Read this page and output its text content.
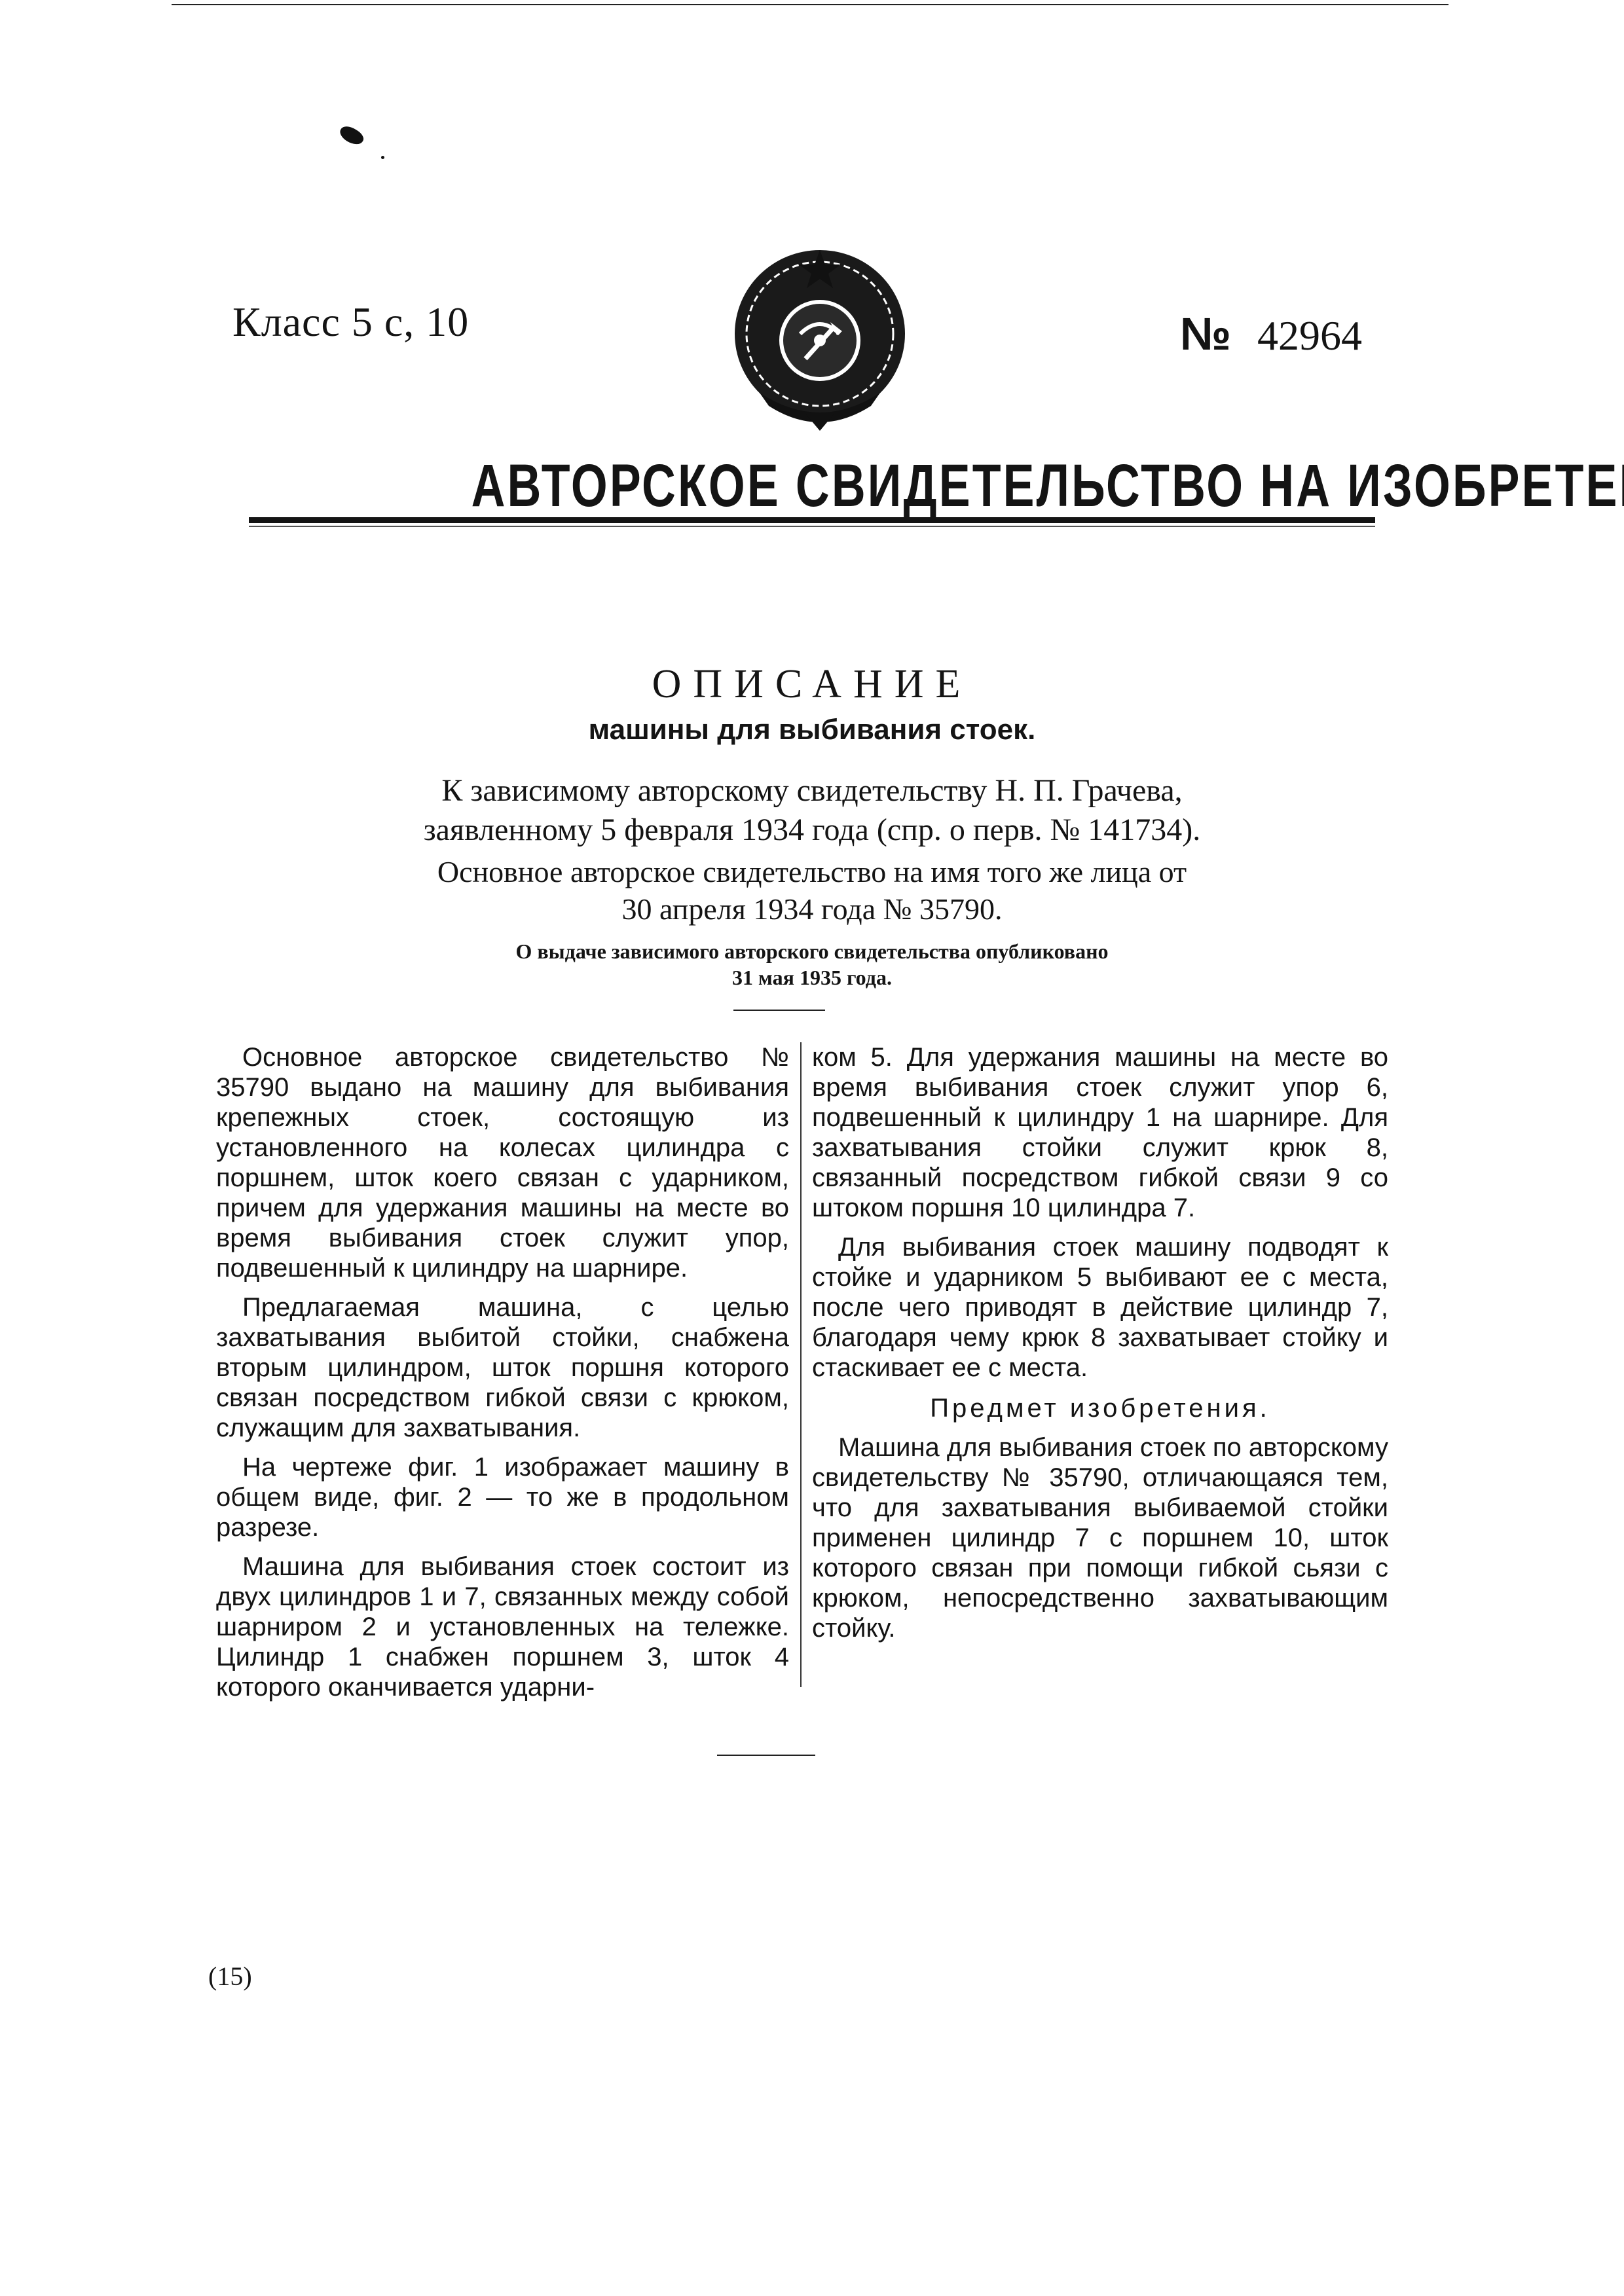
Класс 5 с, 10	№ 42964
АВТОРСКОЕ СВИДЕТЕЛЬСТВО НА ИЗОБРЕТЕНИЕ
ОПИСАНИЕ
машины для выбивания стоек.
К зависимому авторскому свидетельству Н. П. Грачева,
заявленному 5 февраля 1934 года (спр. о перв. № 141734).
Основное авторское свидетельство на имя того же лица от
30 апреля 1934 года № 35790.
О выдаче зависимого авторского свидетельства опубликовано
31 мая 1935 года.

Основное авторское свидетельство № 35790 выдано на машину для выбивания крепежных стоек, состоящую из установленного на колесах цилиндра с поршнем, шток коего связан с ударником, причем для удержания машины на месте во время выбивания стоек служит упор, подвешенный к цилиндру на шарнире.

Предлагаемая машина, с целью захватывания выбитой стойки, снабжена вторым цилиндром, шток поршня которого связан посредством гибкой связи с крюком, служащим для захватывания.

На чертеже фиг. 1 изображает машину в общем виде, фиг. 2 — то же в продольном разрезе.

Машина для выбивания стоек состоит из двух цилиндров 1 и 7, связанных между собой шарниром 2 и установленных на тележке. Цилиндр 1 снабжен поршнем 3, шток 4 которого оканчивается ударни-

ком 5. Для удержания машины на месте во время выбивания стоек служит упор 6, подвешенный к цилиндру 1 на шарнире. Для захватывания стойки служит крюк 8, связанный посредством гибкой связи 9 со штоком поршня 10 цилиндра 7.

Для выбивания стоек машину подводят к стойке и ударником 5 выбивают ее с места, после чего приводят в действие цилиндр 7, благодаря чему крюк 8 захватывает стойку и стаскивает ее с места.

Предмет изобретения.

Машина для выбивания стоек по авторскому свидетельству № 35790, отличающаяся тем, что для захватывания выбиваемой стойки применен цилиндр 7 с поршнем 10, шток которого связан при помощи гибкой сьязи с крюком, непосредственно захватывающим стойку.

(15)
